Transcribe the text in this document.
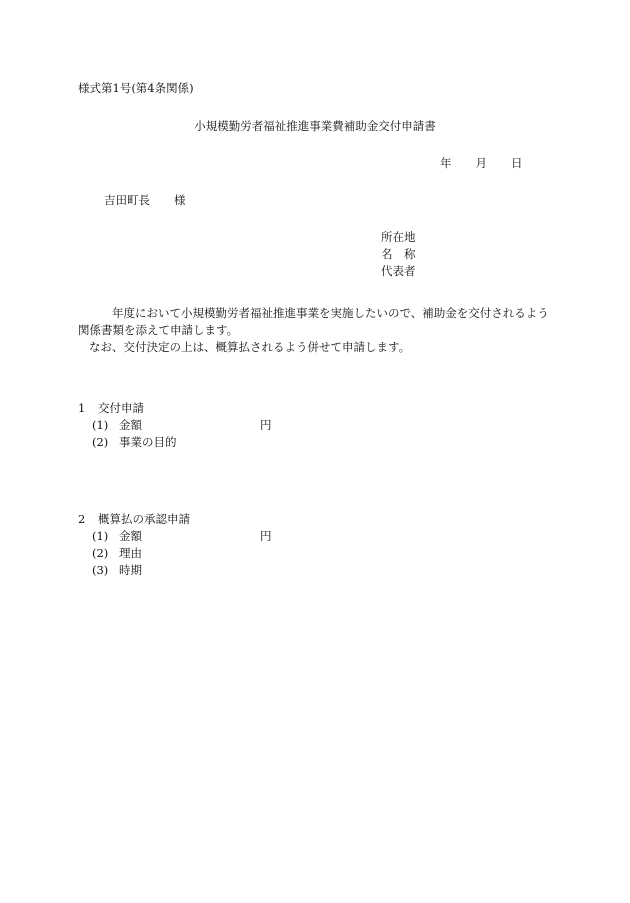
様式第1号(第4条関係)
小規模勤労者福祉推進事業費補助金交付申請書
年 月 日
吉田町長 様
所在地
名　称
代表者
年度において小規模勤労者福祉推進事業を実施したいので、補助金を交付されるよう関係書類を添えて申請します。
なお、交付決定の上は、概算払されるよう併せて申請します。
1 交付申請
(1) 金額	円
(2) 事業の目的
2 概算払の承認申請
(1) 金額	円
(2) 理由
(3) 時期
